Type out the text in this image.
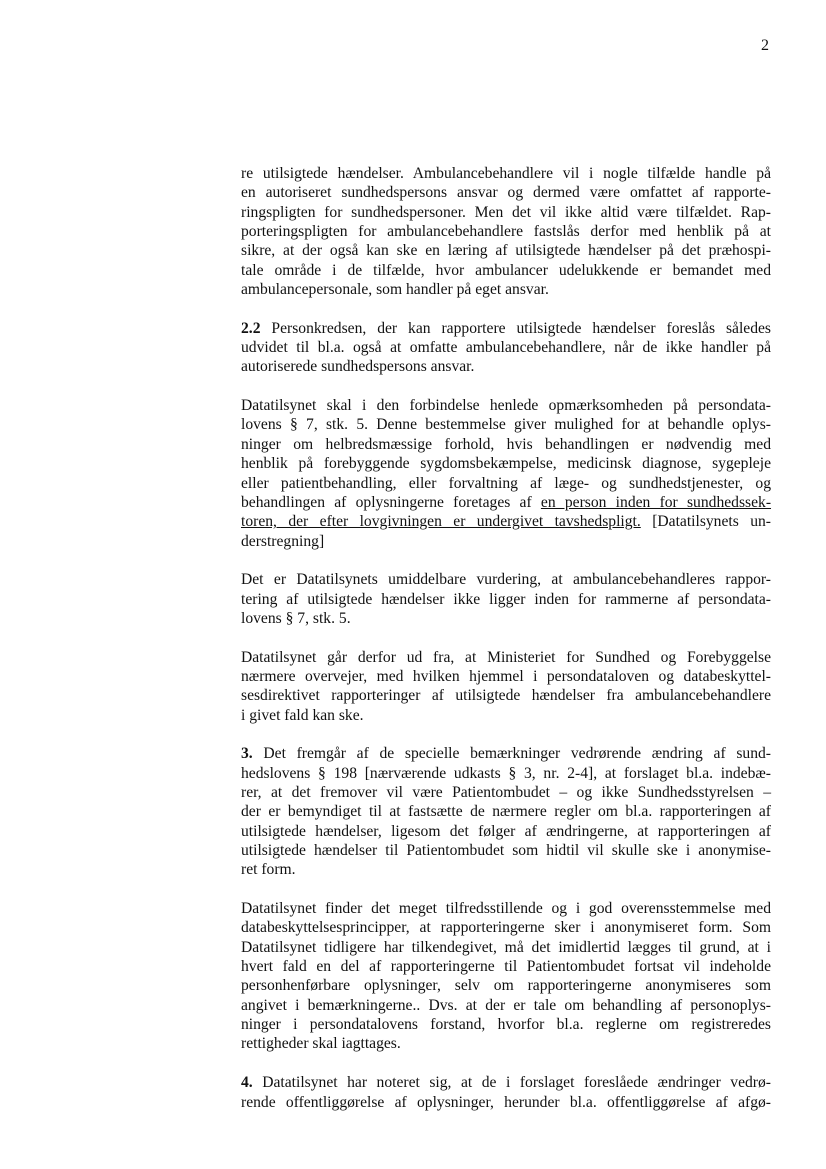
2
re utilsigtede hændelser. Ambulancebehandlere vil i nogle tilfælde handle på
en autoriseret sundhedspersons ansvar og dermed være omfattet af rapporte-
ringspligten for sundhedspersoner. Men det vil ikke altid være tilfældet. Rap-
porteringspligten for ambulancebehandlere fastslås derfor med henblik på at
sikre, at der også kan ske en læring af utilsigtede hændelser på det præhospi-
tale område i de tilfælde, hvor ambulancer udelukkende er bemandet med
ambulancepersonale, som handler på eget ansvar.
2.2 Personkredsen, der kan rapportere utilsigtede hændelser foreslås således
udvidet til bl.a. også at omfatte ambulancebehandlere, når de ikke handler på
autoriserede sundhedspersons ansvar.
Datatilsynet skal i den forbindelse henlede opmærksomheden på persondata-
lovens § 7, stk. 5. Denne bestemmelse giver mulighed for at behandle oplys-
ninger om helbredsmæssige forhold, hvis behandlingen er nødvendig med
henblik på forebyggende sygdomsbekæmpelse, medicinsk diagnose, sygepleje
eller patientbehandling, eller forvaltning af læge- og sundhedstjenester, og
behandlingen af oplysningerne foretages af en person inden for sundhedssek-
toren, der efter lovgivningen er undergivet tavshedspligt. [Datatilsynets un-
derstregning]
Det er Datatilsynets umiddelbare vurdering, at ambulancebehandleres rappor-
tering af utilsigtede hændelser ikke ligger inden for rammerne af persondata-
lovens § 7, stk. 5.
Datatilsynet går derfor ud fra, at Ministeriet for Sundhed og Forebyggelse
nærmere overvejer, med hvilken hjemmel i persondataloven og databeskyttel-
sesdirektivet rapporteringer af utilsigtede hændelser fra ambulancebehandlere
i givet fald kan ske.
3. Det fremgår af de specielle bemærkninger vedrørende ændring af sund-
hedslovens § 198 [nærværende udkasts § 3, nr. 2-4], at forslaget bl.a. indebæ-
rer, at det fremover vil være Patientombudet – og ikke Sundhedsstyrelsen –
der er bemyndiget til at fastsætte de nærmere regler om bl.a. rapporteringen af
utilsigtede hændelser, ligesom det følger af ændringerne, at rapporteringen af
utilsigtede hændelser til Patientombudet som hidtil vil skulle ske i anonymise-
ret form.
Datatilsynet finder det meget tilfredsstillende og i god overensstemmelse med
databeskyttelsesprincipper, at rapporteringerne sker i anonymiseret form. Som
Datatilsynet tidligere har tilkendegivet, må det imidlertid lægges til grund, at i
hvert fald en del af rapporteringerne til Patientombudet fortsat vil indeholde
personhenførbare oplysninger, selv om rapporteringerne anonymiseres som
angivet i bemærkningerne.. Dvs. at der er tale om behandling af personoplys-
ninger i persondatalovens forstand, hvorfor bl.a. reglerne om registreredes
rettigheder skal iagttages.
4. Datatilsynet har noteret sig, at de i forslaget foreslåede ændringer vedrø-
rende offentliggørelse af oplysninger, herunder bl.a. offentliggørelse af afgø-
